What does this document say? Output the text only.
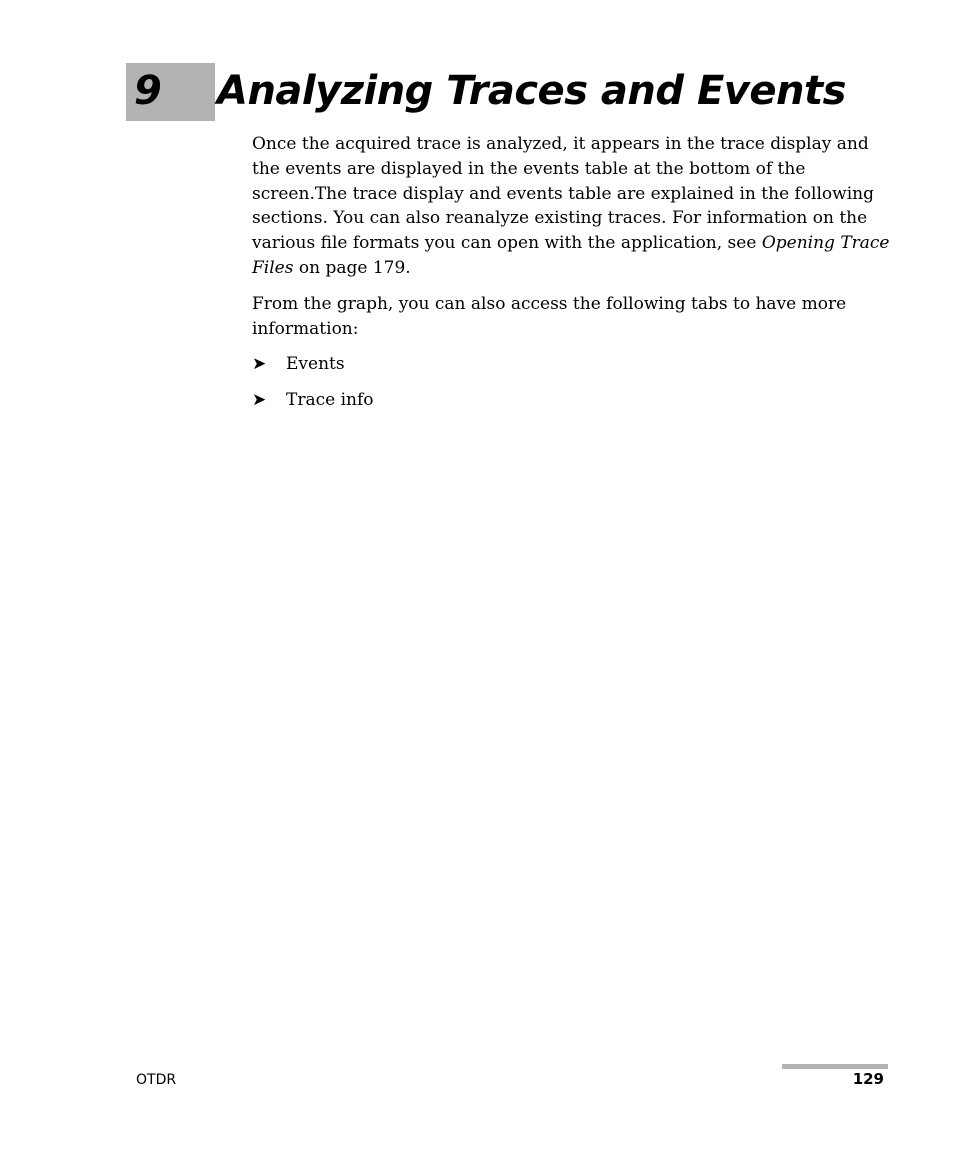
9 Analyzing Traces and Events

Once the acquired trace is analyzed, it appears in the trace display and the events are displayed in the events table at the bottom of the screen.The trace display and events table are explained in the following sections. You can also reanalyze existing traces. For information on the various file formats you can open with the application, see Opening Trace Files on page 179.

From the graph, you can also access the following tabs to have more information:

➤	Events
➤	Trace info
OTDR	129
